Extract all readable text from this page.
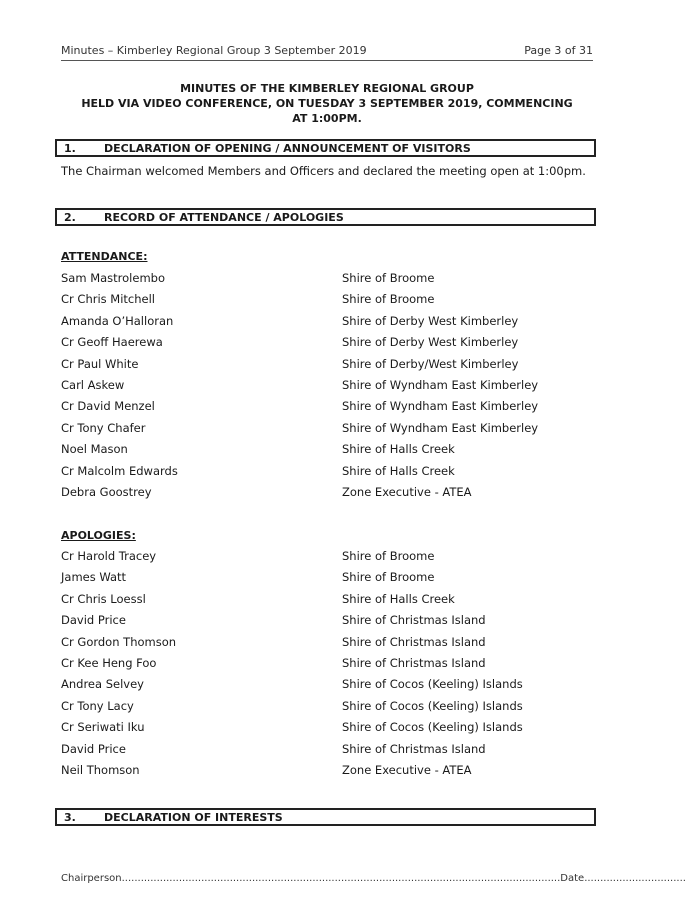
Minutes – Kimberley Regional Group 3 September 2019	Page 3 of 31
MINUTES OF THE KIMBERLEY REGIONAL GROUP
HELD VIA VIDEO CONFERENCE, ON TUESDAY 3 SEPTEMBER 2019, COMMENCING
AT 1:00PM.
1.	DECLARATION OF OPENING / ANNOUNCEMENT OF VISITORS
The Chairman welcomed Members and Officers and declared the meeting open at 1:00pm.
2.	RECORD OF ATTENDANCE / APOLOGIES
ATTENDANCE:
Sam Mastrolembo	Shire of Broome
Cr Chris Mitchell	Shire of Broome
Amanda O’Halloran	Shire of Derby West Kimberley
Cr Geoff Haerewa	Shire of Derby West Kimberley
Cr Paul White	Shire of Derby/West Kimberley
Carl Askew	Shire of Wyndham East Kimberley
Cr David Menzel	Shire of Wyndham East Kimberley
Cr Tony Chafer	Shire of Wyndham East Kimberley
Noel Mason	Shire of Halls Creek
Cr Malcolm Edwards	Shire of Halls Creek
Debra Goostrey	Zone Executive - ATEA
APOLOGIES:
Cr Harold Tracey	Shire of Broome
James Watt	Shire of Broome
Cr Chris Loessl	Shire of Halls Creek
David Price	Shire of Christmas Island
Cr Gordon Thomson	Shire of Christmas Island
Cr Kee Heng Foo	Shire of Christmas Island
Andrea Selvey	Shire of Cocos (Keeling) Islands
Cr Tony Lacy	Shire of Cocos (Keeling) Islands
Cr Seriwati Iku	Shire of Cocos (Keeling) Islands
David Price	Shire of Christmas Island
Neil Thomson	Zone Executive - ATEA
3.	DECLARATION OF INTERESTS
Chairperson..........................................................................................................................................Date................................
